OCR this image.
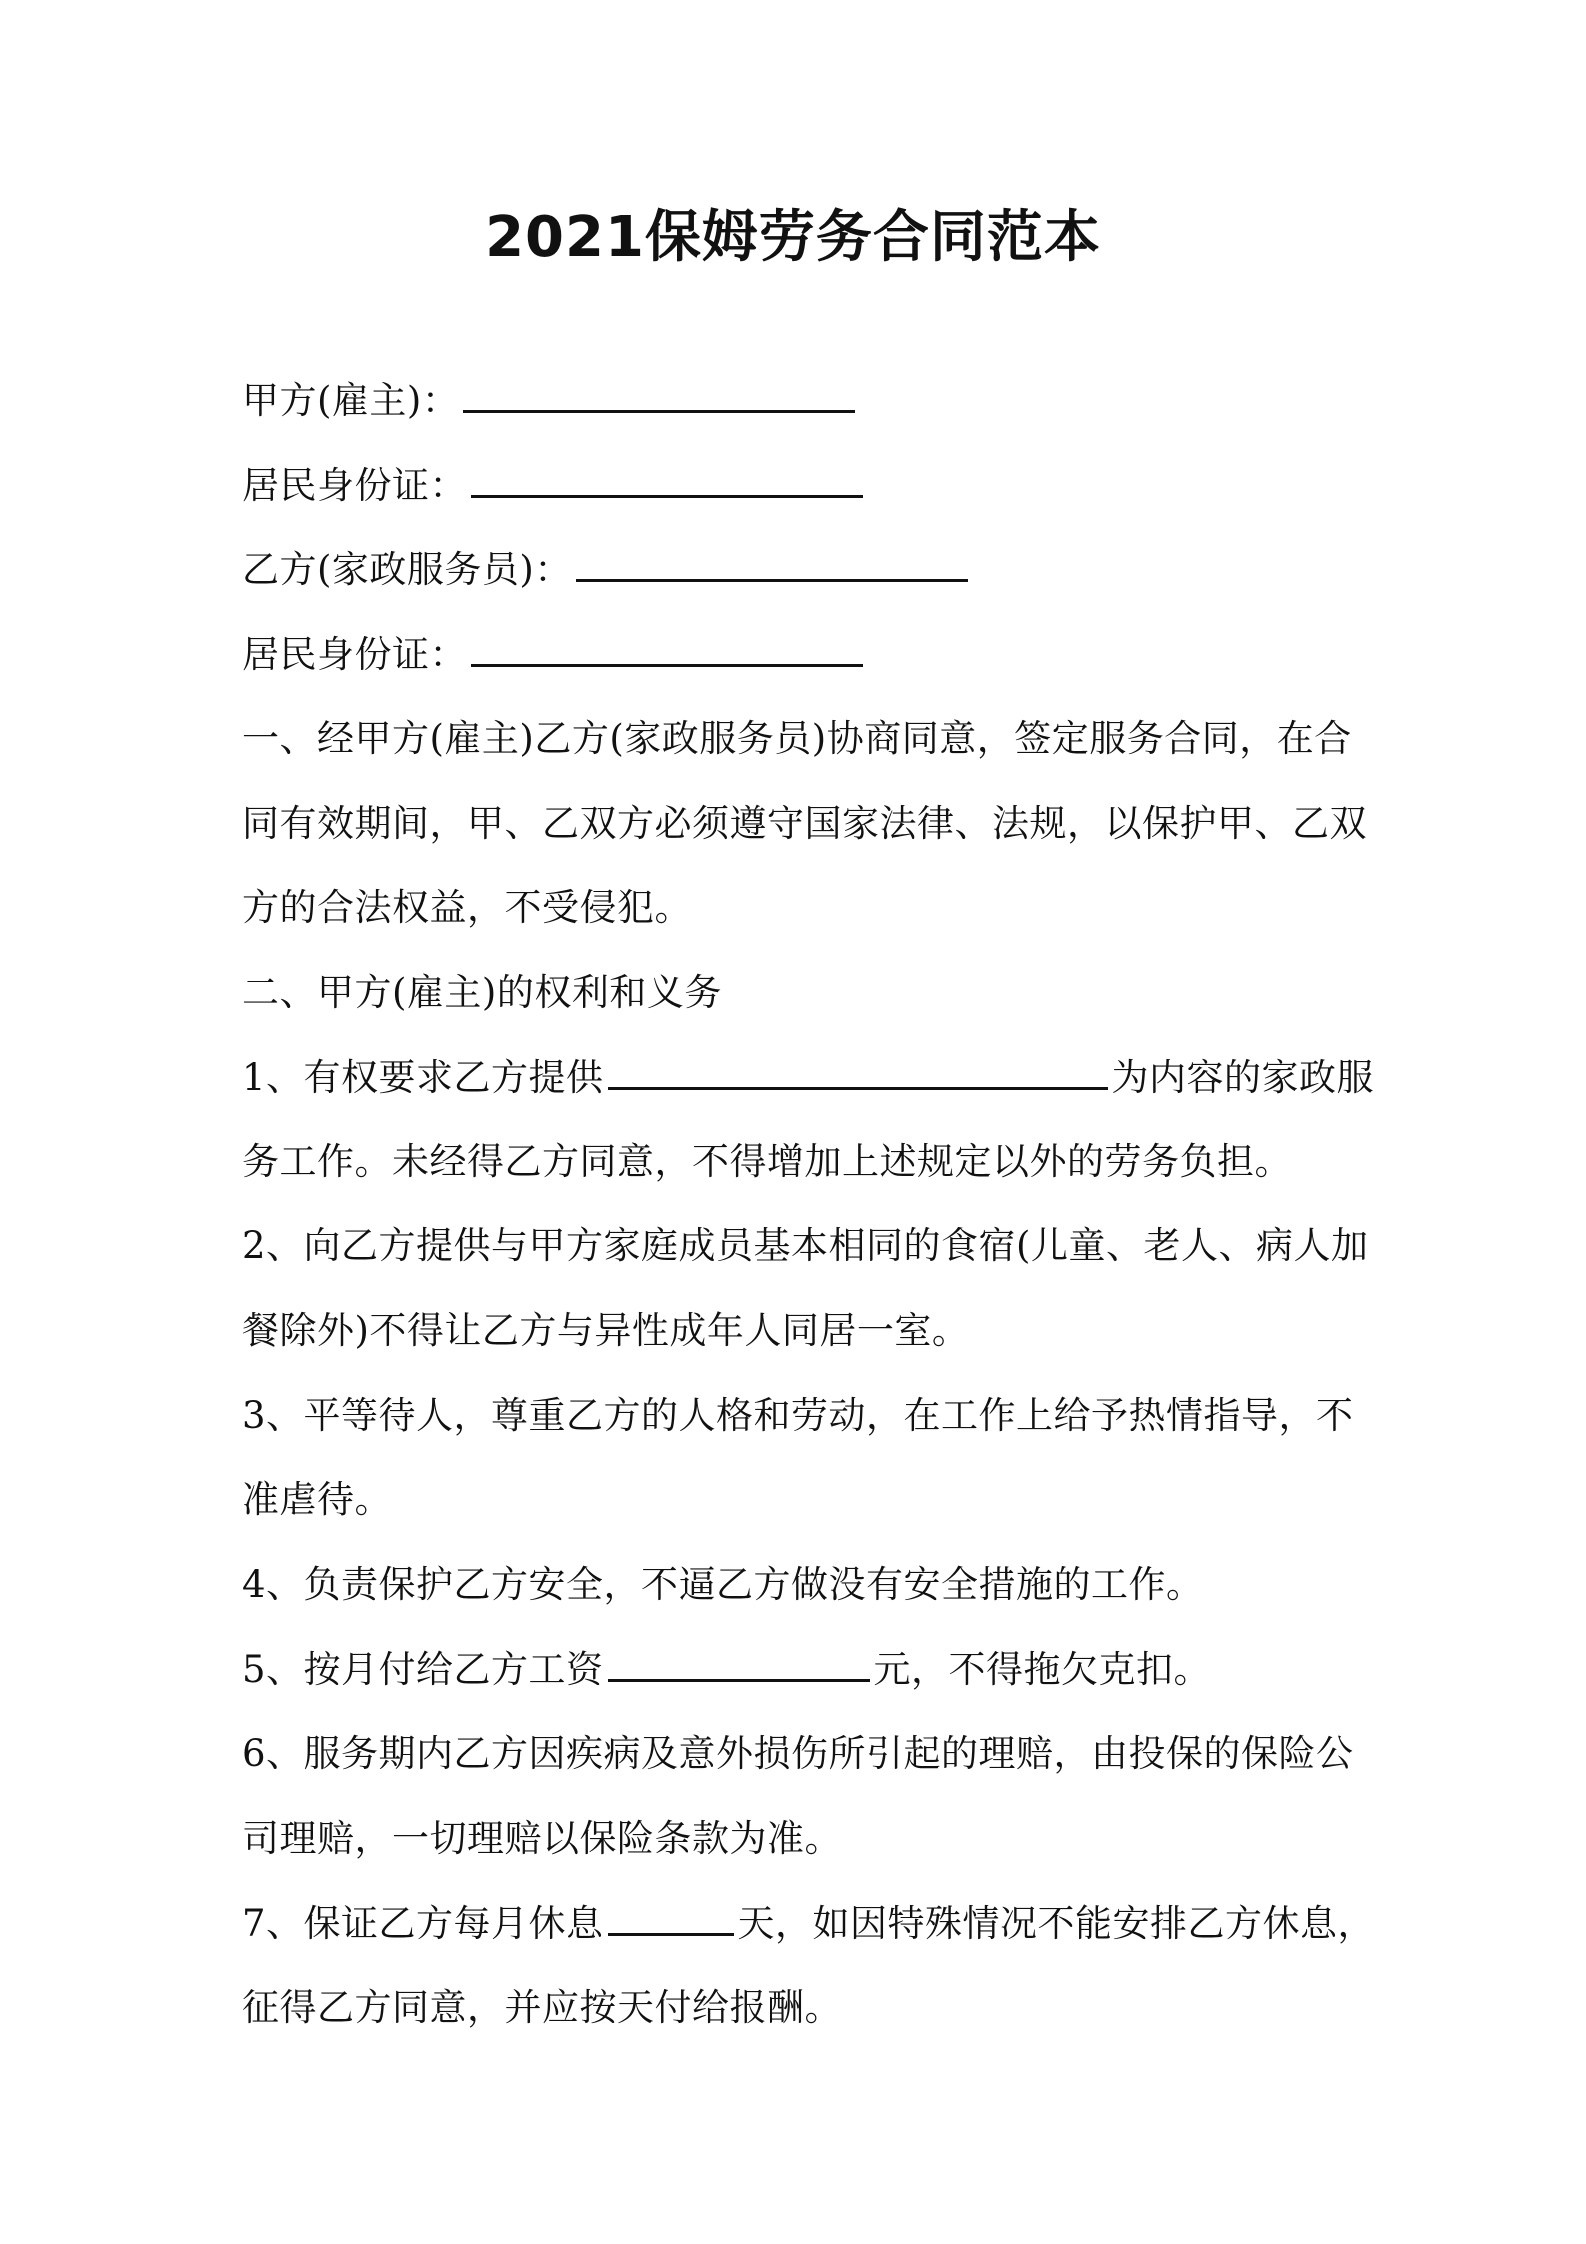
2021保姆劳务合同范本
甲方(雇主)：
居民身份证：
乙方(家政服务员)：
居民身份证：
一、经甲方(雇主)乙方(家政服务员)协商同意，签定服务合同，在合
同有效期间，甲、乙双方必须遵守国家法律、法规，以保护甲、乙双
方的合法权益，不受侵犯。
二、甲方(雇主)的权利和义务
1、有权要求乙方提供	为内容的家政服
务工作。未经得乙方同意，不得增加上述规定以外的劳务负担。
2、向乙方提供与甲方家庭成员基本相同的食宿(儿童、老人、病人加
餐除外)不得让乙方与异性成年人同居一室。
3、平等待人，尊重乙方的人格和劳动，在工作上给予热情指导，不
准虐待。
4、负责保护乙方安全，不逼乙方做没有安全措施的工作。
5、按月付给乙方工资	元，不得拖欠克扣。
6、服务期内乙方因疾病及意外损伤所引起的理赔，由投保的保险公
司理赔，一切理赔以保险条款为准。
7、保证乙方每月休息	天，如因特殊情况不能安排乙方休息，
征得乙方同意，并应按天付给报酬。
